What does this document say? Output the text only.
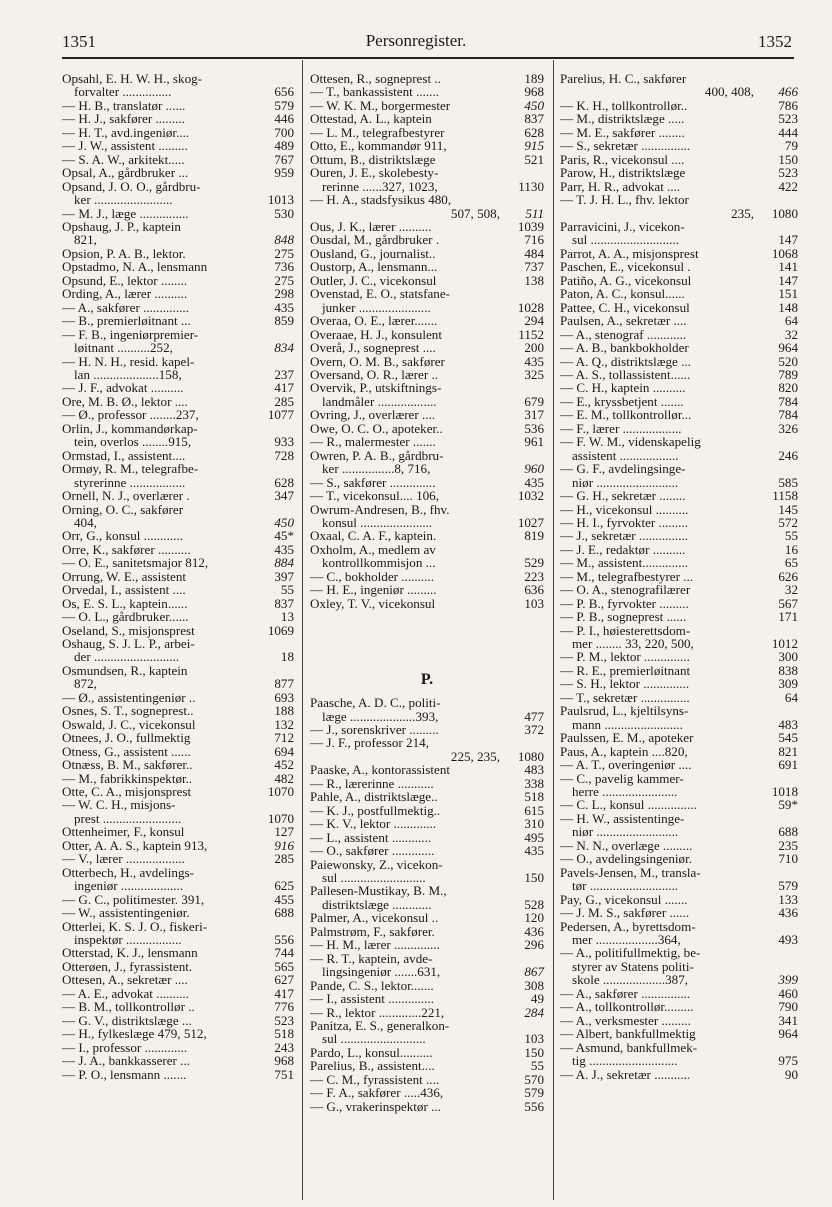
1351	Personregister.	1352
Opsahl, E. H. W. H., skog-
forvalter ...............	656
— H. B., translatør ......	579
— H. J., sakfører .........	446
— H. T., avd.ingeniør....	700
— J. W., assistent .........	489
— S. A. W., arkitekt.....	767
Opsal, A., gårdbruker ...	959
Opsand, J. O. O., gårdbru-
ker ........................	1013
— M. J., læge ...............	530
Opshaug, J. P., kaptein
821,	848
Opsion, P. A. B., lektor.	275
Opstadmo, N. A., lensmann	736
Opsund, E., lektor ........	275
Ording, A., lærer ..........	298
— A., sakfører ..............	435
— B., premierløitnant ...	859
— F. B., ingeniørpremier-
løitnant ..........252,	834
— H. N. H., resid. kapel-
lan ....................158,	237
— J. F., advokat ..........	417
Ore, M. B. Ø., lektor ....	285
— Ø., professor ........237,	1077
Orlin, J., kommandørkap-
tein, overlos ........915,	933
Ormstad, I., assistent....	728
Ormøy, R. M., telegrafbe-
styrerinne .................	628
Ornell, N. J., overlærer .	347
Orning, O. C., sakfører
404,	450
Orr, G., konsul ............	45*
Orre, K., sakfører ..........	435
— O. E., sanitetsmajor 812,	884
Orrung, W. E., assistent	397
Orvedal, I., assistent ....	55
Os, E. S. L., kaptein......	837
— O. L., gårdbruker......	13
Oseland, S., misjonsprest	1069
Oshaug, S. J. L. P., arbei-
der ..........................	18
Osmundsen, R., kaptein
872,	877
— Ø., assistentingeniør ..	693
Osnes, S. T., sogneprest..	188
Oswald, J. C., vicekonsul	132
Otnees, J. O., fullmektig	712
Otness, G., assistent ......	694
Otnæss, B. M., sakfører..	452
— M., fabrikkinspektør..	482
Otte, C. A., misjonsprest	1070
— W. C. H., misjons-
prest ........................	1070
Ottenheimer, F., konsul	127
Otter, A. A. S., kaptein 913,	916
— V., lærer ..................	285
Otterbech, H., avdelings-
ingeniør ...................	625
— G. C., politimester. 391,	455
— W., assistentingeniør.	688
Otterlei, K. S. J. O., fiskeri-
inspektør .................	556
Otterstad, K. J., lensmann	744
Otterøen, J., fyrassistent.	565
Ottesen, A., sekretær ....	627
— A. E., advokat ..........	417
— B. M., tollkontrollør ..	776
— G. V., distriktslæge ...	523
— H., fylkeslæge 479, 512,	518
— I., professor .............	243
— J. A., bankkasserer ...	968
— P. O., lensmann .......	751
Ottesen, R., sogneprest ..	189
— T., bankassistent .......	968
— W. K. M., borgermester	450
Ottestad, A. L., kaptein	837
— L. M., telegrafbestyrer	628
Otto, E., kommandør 911,	915
Ottum, B., distriktslæge	521
Ouren, J. E., skolebesty-
rerinne ......327, 1023,	1130
— H. A., stadsfysikus 480,
507, 508, 511
Ous, J. K., lærer ..........	1039
Ousdal, M., gårdbruker .	716
Ousland, G., journalist..	484
Oustorp, A., lensmann...	737
Outler, J. C., vicekonsul	138
Ovenstad, E. O., statsfane-
junker ......................	1028
Overaa, O. E., lærer.......	294
Overaae, H. J., konsulent	1152
Overå, J., sogneprest ....	200
Overn, O. M. B., sakfører	435
Oversand, O. R., lærer ..	325
Overvik, P., utskiftnings-
landmåler ..................	679
Ovring, J., overlærer ....	317
Owe, O. C. O., apoteker..	536
— R., malermester .......	961
Owren, P. A. B., gårdbru-
ker ................8, 716,	960
— S., sakfører ..............	435
— T., vicekonsul.... 106,	1032
Owrum-Andresen, B., fhv.
konsul ......................	1027
Oxaal, C. A. F., kaptein.	819
Oxholm, A., medlem av
kontrollkommisjon ...	529
— C., bokholder ..........	223
— H. E., ingeniør .........	636
Oxley, T. V., vicekonsul	103
P.
Paasche, A. D. C., politi-
læge ....................393,	477
— J., sorenskriver .........	372
— J. F., professor 214,
225, 235, 1080
Paaske, A., kontorassistent	483
— R., lærerinne ...........	338
Pahle, A., distriktslæge..	518
— K. J., postfullmektig..	615
— K. V., lektor .............	310
— L., assistent ............	495
— O., sakfører .............	435
Paiewonsky, Z., vicekon-
sul ..........................	150
Pallesen-Mustikay, B. M.,
distriktslæge ............	528
Palmer, A., vicekonsul ..	120
Palmstrøm, F., sakfører.	436
— H. M., lærer ..............	296
— R. T., kaptein, avde-
lingsingeniør .......631,	867
Pande, C. S., lektor.......	308
— I., assistent ..............	49
— R., lektor .............221,	284
Panitza, E. S., generalkon-
sul ..........................	103
Pardo, L., konsul..........	150
Parelius, B., assistent....	55
— C. M., fyrassistent ....	570
— F. A., sakfører .....436,	579
— G., vrakerinspektør ...	556
Parelius, H. C., sakfører
400, 408, 466
— K. H., tollkontrollør..	786
— M., distriktslæge .....	523
— M. E., sakfører ........	444
— S., sekretær ...............	79
Paris, R., vicekonsul ....	150
Parow, H., distriktslæge	523
Parr, H. R., advokat ....	422
— T. J. H. L., fhv. lektor
235, 1080
Parravicini, J., vicekon-
sul ...........................	147
Parrot, A. A., misjonsprest	1068
Paschen, E., vicekonsul .	141
Patiño, A. G., vicekonsul	147
Paton, A. C., konsul......	151
Pattee, C. H., vicekonsul	148
Paulsen, A., sekretær ....	64
— A., stenograf ............	32
— A. B., bankbokholder	964
— A. Q., distriktslæge ...	520
— A. S., tollassistent......	789
— C. H., kaptein ..........	820
— E., kryssbetjent .......	784
— E. M., tollkontrollør...	784
— F., lærer ..................	326
— F. W. M., videnskapelig
assistent ..................	246
— G. F., avdelingsinge-
niør .........................	585
— G. H., sekretær ........	1158
— H., vicekonsul ..........	145
— H. I., fyrvokter .........	572
— J., sekretær ...............	55
— J. E., redaktør ..........	16
— M., assistent..............	65
— M., telegrafbestyrer ...	626
— O. A., stenografilærer	32
— P. B., fyrvokter .........	567
— P. B., sogneprest ......	171
— P. I., høiesterettsdom-
mer ........ 33, 220, 500,	1012
— P. M., lektor ..............	300
— R. E., premierløitnant	838
— S. H., lektor ..............	309
— T., sekretær ...............	64
Paulsrud, L., kjeltilsyns-
mann ........................	483
Paulssen, E. M., apoteker	545
Paus, A., kaptein ....820,	821
— A. T., overingeniør ....	691
— C., pavelig kammer-
herre .......................	1018
— C. L., konsul ...............	59*
— H. W., assistentinge-
niør .........................	688
— N. N., overlæge .........	235
— O., avdelingsingeniør.	710
Pavels-Jensen, M., transla-
tør ...........................	579
Pay, G., vicekonsul .......	133
— J. M. S., sakfører ......	436
Pedersen, A., byrettsdom-
mer ...................364,	493
— A., politifullmektig, be-
styrer av Statens politi-
skole ...................387,	399
— A., sakfører ...............	460
— A., tollkontrollør.........	790
— A., verksmester .........	341
— Albert, bankfullmektig	964
— Asmund, bankfullmek-
tig ...........................	975
— A. J., sekretær ...........	90
